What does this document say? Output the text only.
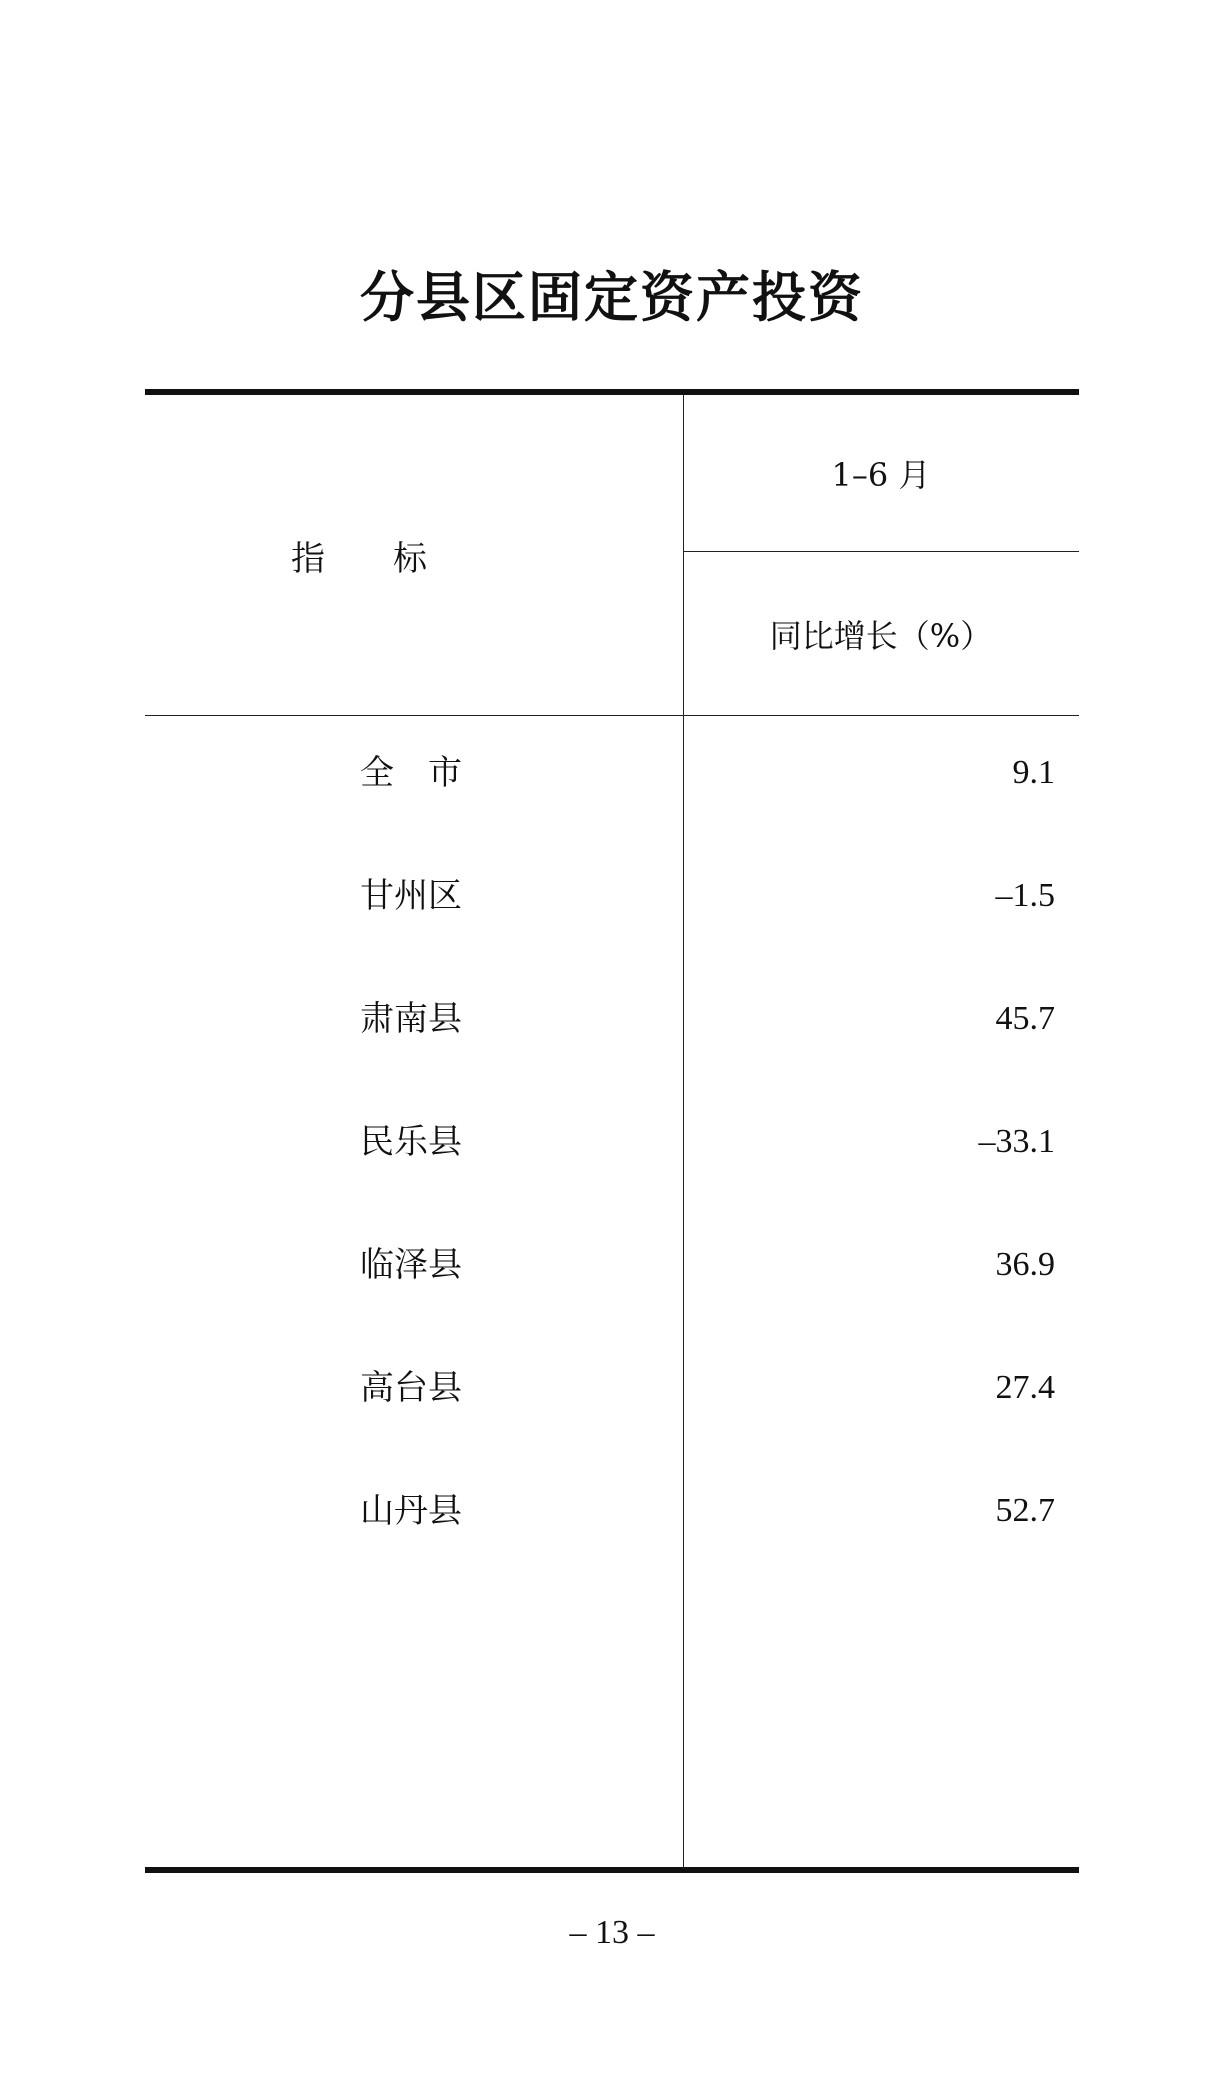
分县区固定资产投资
指　　标
1–6 月
同比增长（%）
全　市	9.1
甘州区	–1.5
肃南县	45.7
民乐县	–33.1
临泽县	36.9
高台县	27.4
山丹县	52.7
– 13 –
